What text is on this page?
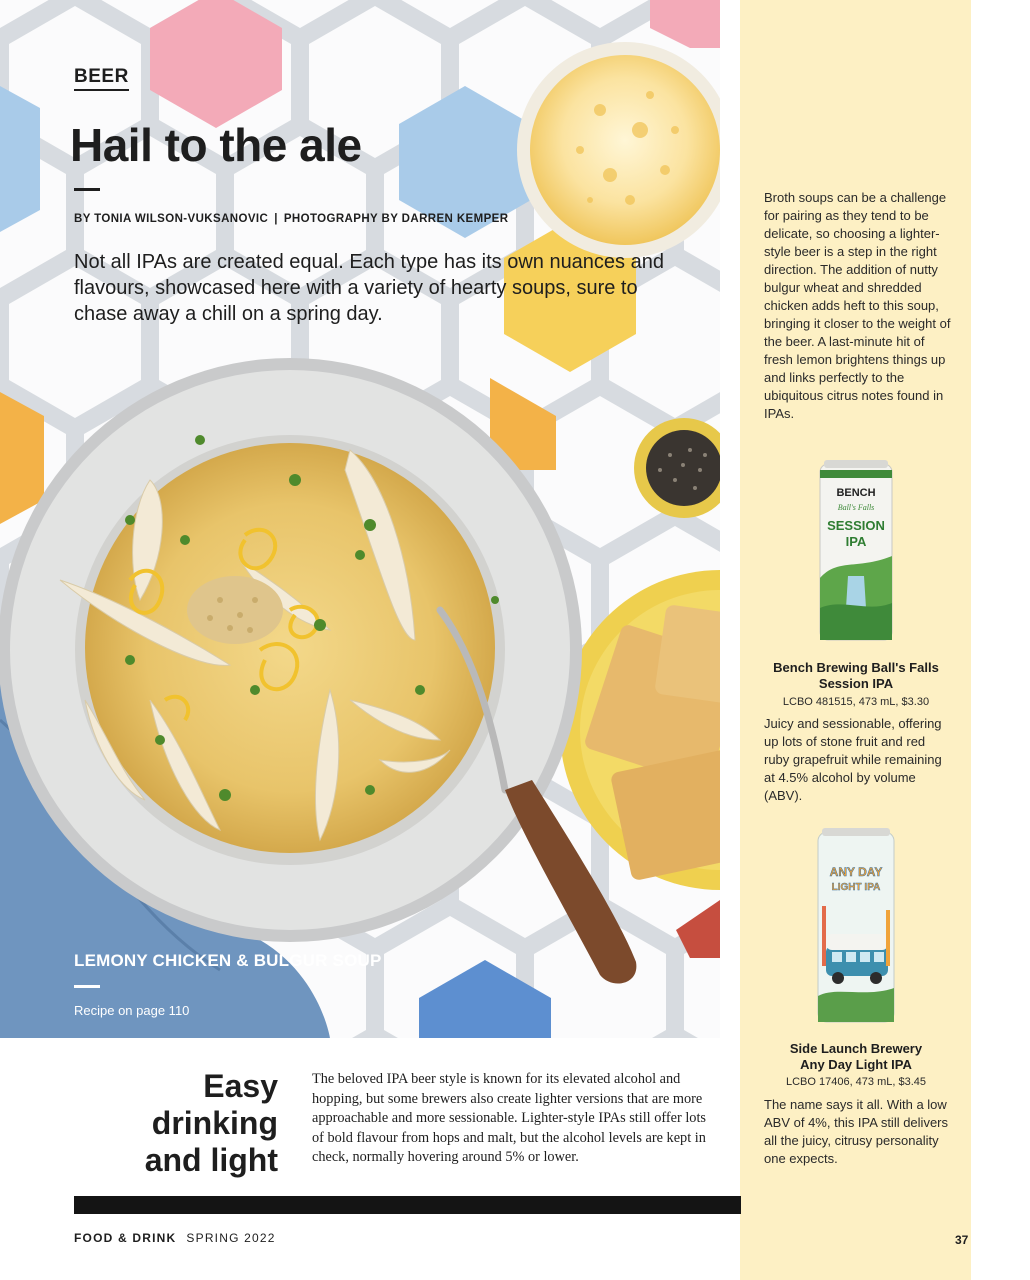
BEER
Hail to the ale
BY TONIA WILSON-VUKSANOVIC | PHOTOGRAPHY BY DARREN KEMPER

Not all IPAs are created equal. Each type has its own nuances and flavours, showcased here with a variety of hearty soups, sure to chase away a chill on a spring day.

LEMONY CHICKEN & BULGUR SOUP
Recipe on page 110

Broth soups can be a challenge for pairing as they tend to be delicate, so choosing a lighter-style beer is a step in the right direction. The addition of nutty bulgur wheat and shredded chicken adds heft to this soup, bringing it closer to the weight of the beer. A last-minute hit of fresh lemon brightens things up and links perfectly to the ubiquitous citrus notes found in IPAs.

BENCH
Ball's Falls
SESSION
IPA
Bench Brewing Ball's Falls
Session IPA
LCBO 481515, 473 mL, $3.30

Juicy and sessionable, offering up lots of stone fruit and red ruby grapefruit while remaining at 4.5% alcohol by volume (ABV).

ANY DAY
LIGHT IPA
Side Launch Brewery
Any Day Light IPA
LCBO 17406, 473 mL, $3.45

The name says it all. With a low ABV of 4%, this IPA still delivers all the juicy, citrusy personality one expects.

Easy drinking
and light

The beloved IPA beer style is known for its elevated alcohol and hopping, but some brewers also create lighter versions that are more approachable and more sessionable. Lighter-style IPAs still offer lots of bold flavour from hops and malt, but the alcohol levels are kept in check, normally hovering around 5% or lower.

FOOD & DRINK SPRING 2022	37
